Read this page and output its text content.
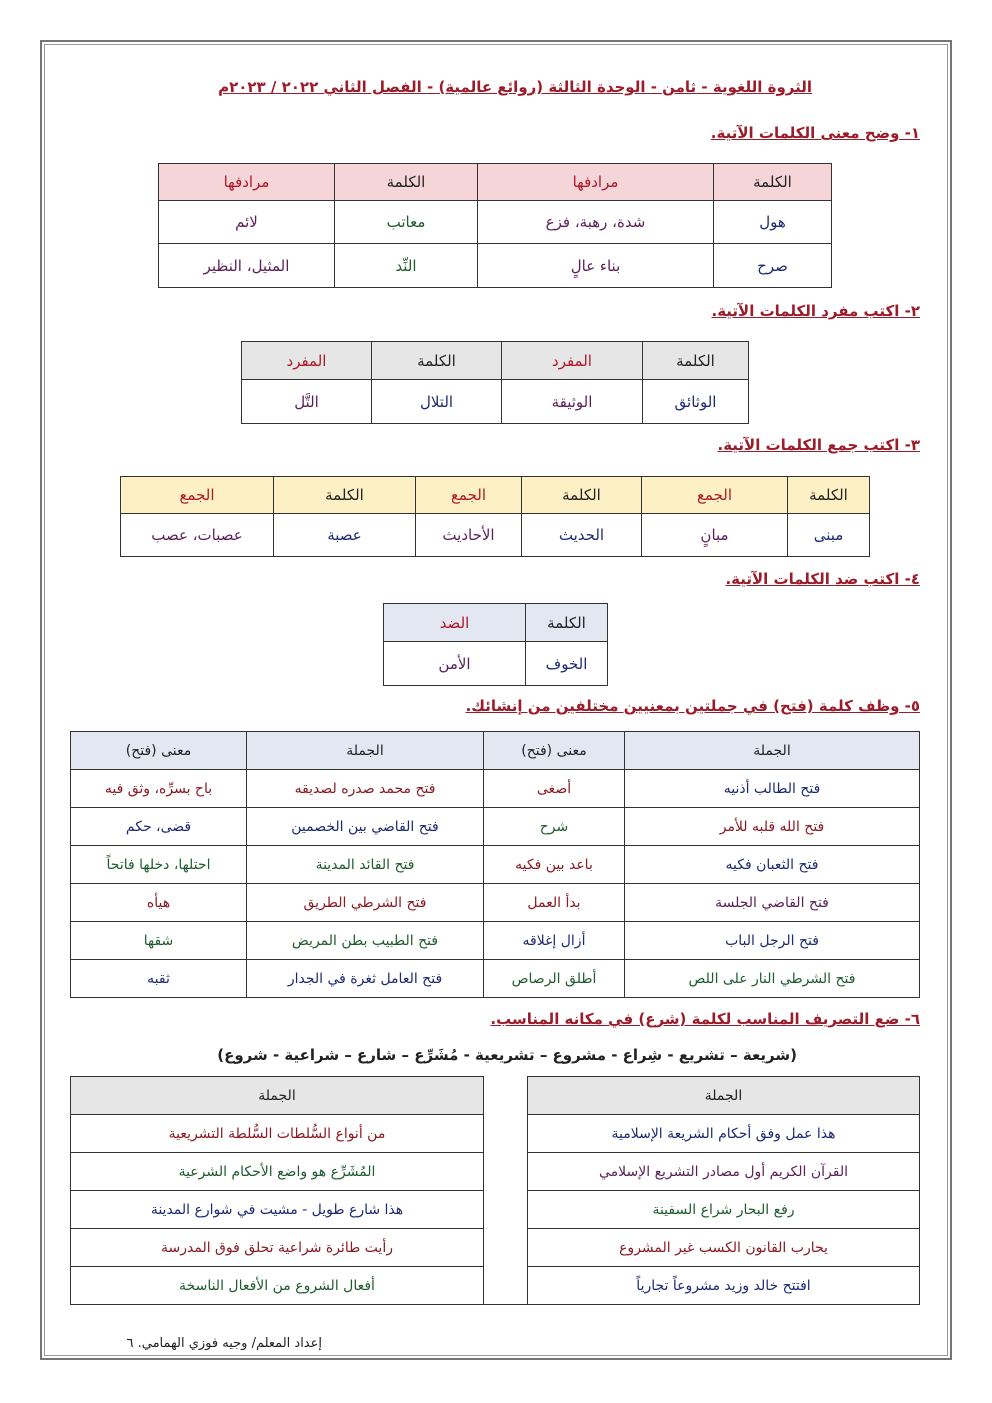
الثروة اللغوية - ثامن - الوحدة الثالثة (روائع عالمية) - الفصل الثاني ٢٠٢٢ / ٢٠٢٣م
١- وضح معنى الكلمات الآتية.
الكلمة	مرادفها	الكلمة	مرادفها
هول	شدة، رهبة، فزع	معاتب	لائم
صرح	بناء عالٍ	النِّد	المثيل، النظير
٢- اكتب مفرد الكلمات الآتية.
الكلمة	المفرد	الكلمة	المفرد
الوثائق	الوثيقة	التلال	التَّل
٣- اكتب جمع الكلمات الآتية.
الكلمة	الجمع	الكلمة	الجمع	الكلمة	الجمع
مبنى	مبانٍ	الحديث	الأحاديث	عصبة	عصبات، عصب
٤- اكتب ضد الكلمات الآتية.
الكلمة	الضد
الخوف	الأمن
٥- وظف كلمة (فتح) في جملتين بمعنيين مختلفين من إنشائك.
الجملة	معنى (فتح)	الجملة	معنى (فتح)
فتح الطالب أذنيه	أصغى	فتح محمد صدره لصديقه	باح بسرِّه، وثق فيه
فتح الله قلبه للأمر	شرح	فتح القاضي بين الخصمين	قضى، حكم
فتح الثعبان فكيه	باعد بين فكيه	فتح القائد المدينة	احتلها، دخلها فاتحاً
فتح القاضي الجلسة	بدأ العمل	فتح الشرطي الطريق	هيأه
فتح الرجل الباب	أزال إغلاقه	فتح الطبيب بطن المريض	شقها
فتح الشرطي النار على اللص	أطلق الرصاص	فتح العامل ثغرة في الجدار	ثقبه
٦- ضع التصريف المناسب لكلمة (شرع) في مكانه المناسب.
(شريعة – تشريع - شِراع - مشروع – تشريعية - مُشَرِّع – شارع – شراعية - شروع)
الجملة		الجملة
هذا عمل وفق أحكام الشريعة الإسلامية		من أنواع السُّلطات السُّلطة التشريعية
القرآن الكريم أول مصادر التشريع الإسلامي		المُشَرِّع هو واضع الأحكام الشرعية
رفع البحار شراع السفينة		هذا شارع طويل - مشيت في شوارع المدينة
يحارب القانون الكسب غير المشروع		رأيت طائرة شراعية تحلق فوق المدرسة
افتتح خالد وزيد مشروعاً تجارياً		أفعال الشروع من الأفعال الناسخة
إعداد المعلم/ وجيه فوزي الهمامي. ٦
